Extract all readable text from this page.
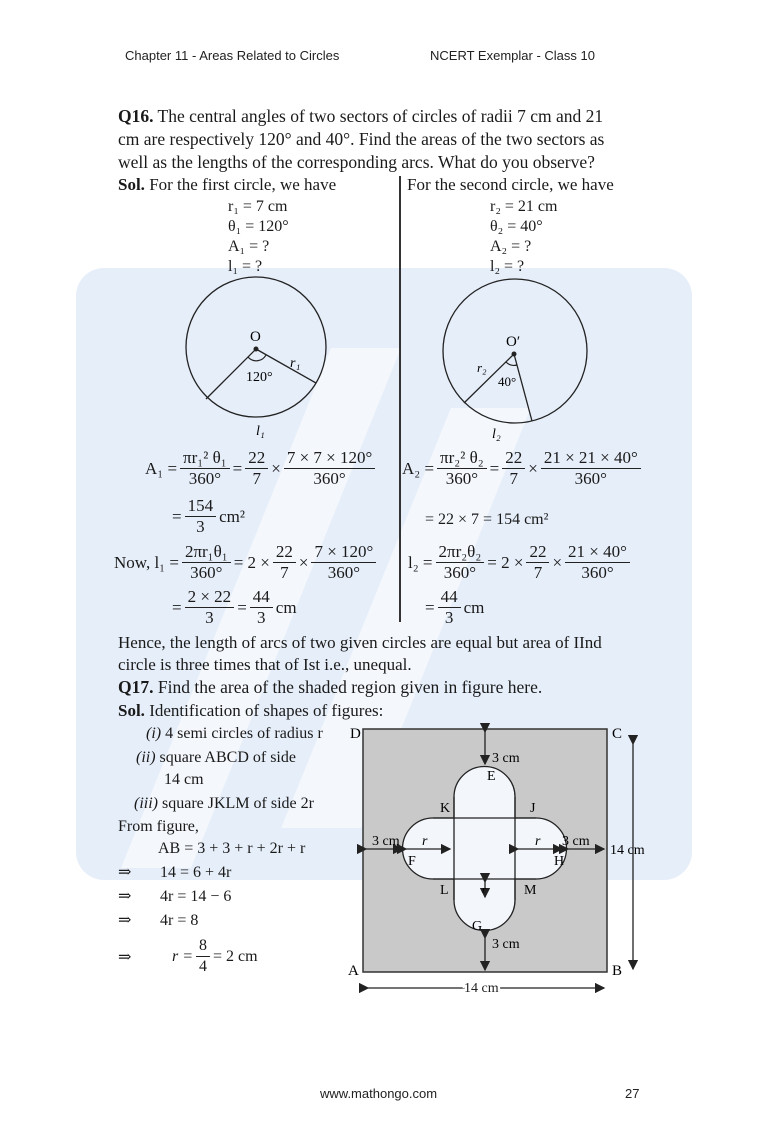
Chapter 11 - Areas Related to Circles	NCERT Exemplar - Class 10
Q16. The central angles of two sectors of circles of radii 7 cm and 21
cm are respectively 120° and 40°. Find the areas of the two sectors as
well as the lengths of the corresponding arcs. What do you observe?
Sol. For the first circle, we have	For the second circle, we have
r₁ = 7 cm
θ₁ = 120°
A₁ = ?
l₁ = ?
r₂ = 21 cm
θ₂ = 40°
A₂ = ?
l₂ = ?
O
120°
r₁
l₁
O′
40°
r₂
l₂
$A_1 = \frac{\text{πr₁² θ₁}}{360^\circ} = \frac{22}{7} \times \frac{7 \times 7 \times 120^\circ}{360^\circ}$
= $\frac{154}{3} cm^2$
Now, $l_1 = \frac{\text{2πr₁θ₁}}{360^\circ} = 2 \times \frac{22}{7} \times \frac{7 \times 120^\circ}{360^\circ}$
= $\frac{2 \times 22}{3} = \frac{44}{3}$ cm
$A_2 = \frac{\text{πr₂² θ₂}}{360^\circ} = \frac{22}{7} \times \frac{21 \times 21 \times 40^\circ}{360^\circ}$
= 22 × 7 = 154 cm²
$l_2 = \frac{\text{2πr₂θ₂}}{360^\circ} = 2 \times \frac{22}{7} \times \frac{21 \times 40^\circ}{360^\circ}$
= $\frac{44}{3}$ cm
Hence, the length of arcs of two given circles are equal but area of IInd
circle is three times that of Ist i.e., unequal.
Q17. Find the area of the shaded region given in figure here.
Sol. Identification of shapes of figures:
(i) 4 semi circles of radius r
(ii) square ABCD of side
14 cm
(iii) square JKLM of side 2r
From figure,
AB = 3 + 3 + r + 2r + r
⇒ 14 = 6 + 4r
⇒ 4r = 14 − 6
⇒ 4r = 8
⇒	$r = \frac{8}{4} = 2$ cm
D	C
A	B
3 cm
E
K	J
3 cm	3 cm
r	r
F	H
14 cm
L	M
r
G
3 cm
14 cm
www.mathongo.com	27
